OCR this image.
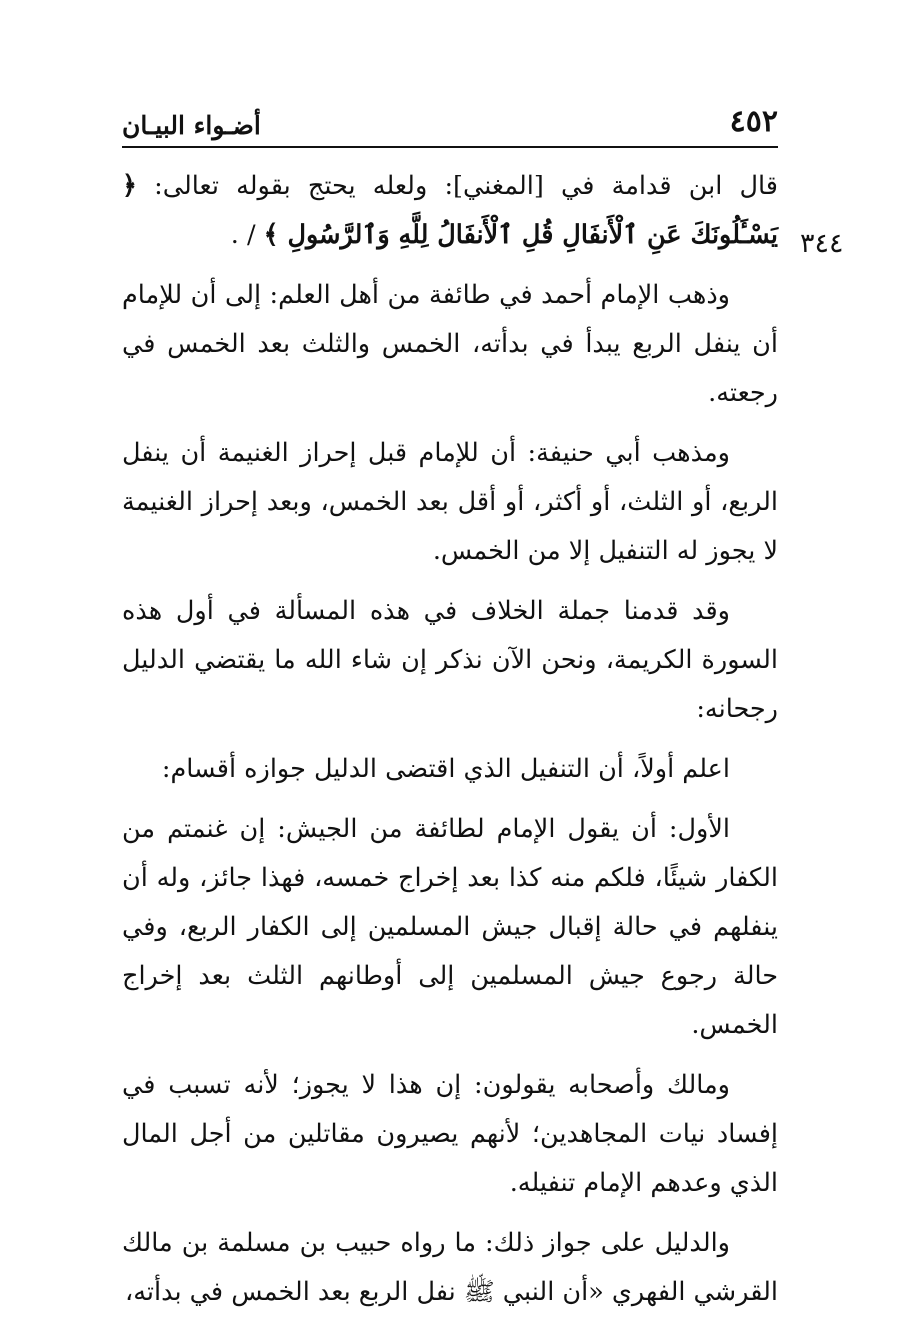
٤٥٢
أضـواء البيـان
٣٤٤

قال ابن قدامة في [المغني]: ولعله يحتج بقوله تعالى: ﴿ يَسْـَٔلُونَكَ عَنِ ٱلْأَنفَالِ قُلِ ٱلْأَنفَالُ لِلَّهِ وَٱلرَّسُولِ ﴾ / .

وذهب الإمام أحمد في طائفة من أهل العلم: إلى أن للإمام أن ينفل الربع يبدأ في بدأته، الخمس والثلث بعد الخمس في رجعته.

ومذهب أبي حنيفة: أن للإمام قبل إحراز الغنيمة أن ينفل الربع، أو الثلث، أو أكثر، أو أقل بعد الخمس، وبعد إحراز الغنيمة لا يجوز له التنفيل إلا من الخمس.

وقد قدمنا جملة الخلاف في هذه المسألة في أول هذه السورة الكريمة، ونحن الآن نذكر إن شاء الله ما يقتضي الدليل رجحانه:

اعلم أولاً، أن التنفيل الذي اقتضى الدليل جوازه أقسام:

الأول: أن يقول الإمام لطائفة من الجيش: إن غنمتم من الكفار شيئًا، فلكم منه كذا بعد إخراج خمسه، فهذا جائز، وله أن ينفلهم في حالة إقبال جيش المسلمين إلى الكفار الربع، وفي حالة رجوع جيش المسلمين إلى أوطانهم الثلث بعد إخراج الخمس.

ومالك وأصحابه يقولون: إن هذا لا يجوز؛ لأنه تسبب في إفساد نيات المجاهدين؛ لأنهم يصيرون مقاتلين من أجل المال الذي وعدهم الإمام تنفيله.

والدليل على جواز ذلك: ما رواه حبيب بن مسلمة بن مالك القرشي الفهري «أن النبي ﷺ نفل الربع بعد الخمس في بدأته،
